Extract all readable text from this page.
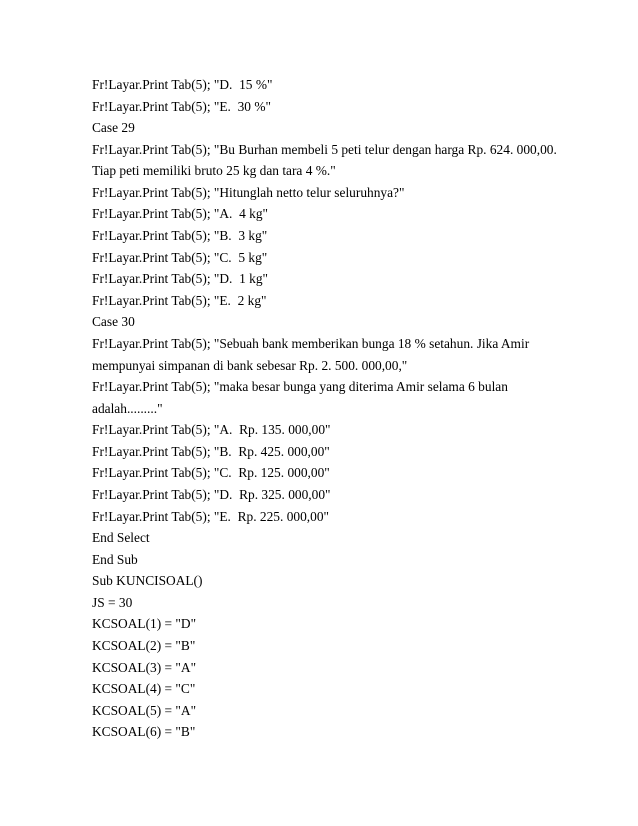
Fr!Layar.Print Tab(5); "D.  15 %"
Fr!Layar.Print Tab(5); "E.  30 %"
Case 29
Fr!Layar.Print Tab(5); "Bu Burhan membeli 5 peti telur dengan harga Rp. 624. 000,00.
Tiap peti memiliki bruto 25 kg dan tara 4 %."
Fr!Layar.Print Tab(5); "Hitunglah netto telur seluruhnya?"
Fr!Layar.Print Tab(5); "A.  4 kg"
Fr!Layar.Print Tab(5); "B.  3 kg"
Fr!Layar.Print Tab(5); "C.  5 kg"
Fr!Layar.Print Tab(5); "D.  1 kg"
Fr!Layar.Print Tab(5); "E.  2 kg"
Case 30
Fr!Layar.Print Tab(5); "Sebuah bank memberikan bunga 18 % setahun. Jika Amir
mempunyai simpanan di bank sebesar Rp. 2. 500. 000,00,"
Fr!Layar.Print Tab(5); "maka besar bunga yang diterima Amir selama 6 bulan
adalah........."
Fr!Layar.Print Tab(5); "A.  Rp. 135. 000,00"
Fr!Layar.Print Tab(5); "B.  Rp. 425. 000,00"
Fr!Layar.Print Tab(5); "C.  Rp. 125. 000,00"
Fr!Layar.Print Tab(5); "D.  Rp. 325. 000,00"
Fr!Layar.Print Tab(5); "E.  Rp. 225. 000,00"
End Select
End Sub
Sub KUNCISOAL()
JS = 30
KCSOAL(1) = "D"
KCSOAL(2) = "B"
KCSOAL(3) = "A"
KCSOAL(4) = "C"
KCSOAL(5) = "A"
KCSOAL(6) = "B"
